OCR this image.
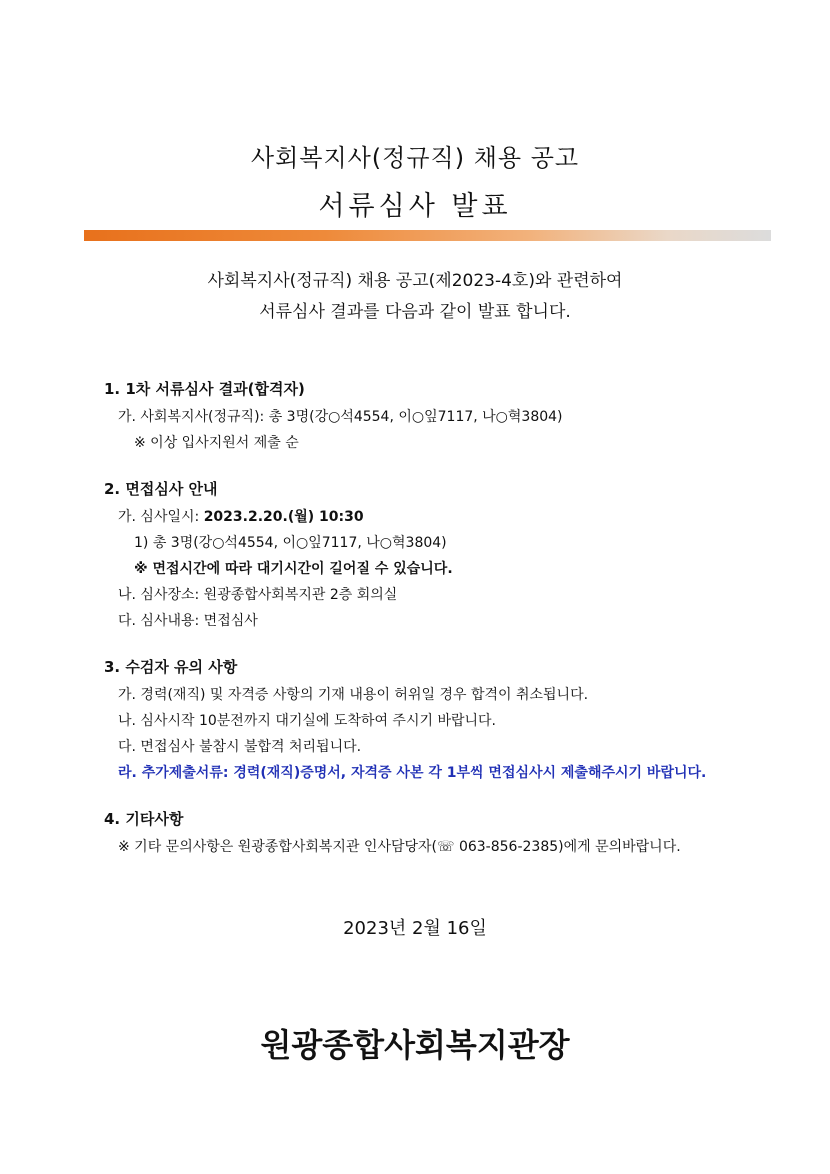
사회복지사(정규직) 채용 공고
서류심사 발표
사회복지사(정규직) 채용 공고(제2023-4호)와 관련하여
서류심사 결과를 다음과 같이 발표 합니다.
1. 1차 서류심사 결과(합격자)
가. 사회복지사(정규직): 총 3명(강○석4554, 이○잎7117, 나○혁3804)
※ 이상 입사지원서 제출 순
2. 면접심사 안내
가. 심사일시: 2023.2.20.(월) 10:30
1) 총 3명(강○석4554, 이○잎7117, 나○혁3804)
※ 면접시간에 따라 대기시간이 길어질 수 있습니다.
나. 심사장소: 원광종합사회복지관 2층 회의실
다. 심사내용: 면접심사
3. 수검자 유의 사항
가. 경력(재직) 및 자격증 사항의 기재 내용이 허위일 경우 합격이 취소됩니다.
나. 심사시작 10분전까지 대기실에 도착하여 주시기 바랍니다.
다. 면접심사 불참시 불합격 처리됩니다.
라. 추가제출서류: 경력(재직)증명서, 자격증 사본 각 1부씩 면접심사시 제출해주시기 바랍니다.
4. 기타사항
※ 기타 문의사항은 원광종합사회복지관 인사담당자(☏ 063-856-2385)에게 문의바랍니다.
2023년 2월 16일
원광종합사회복지관장
